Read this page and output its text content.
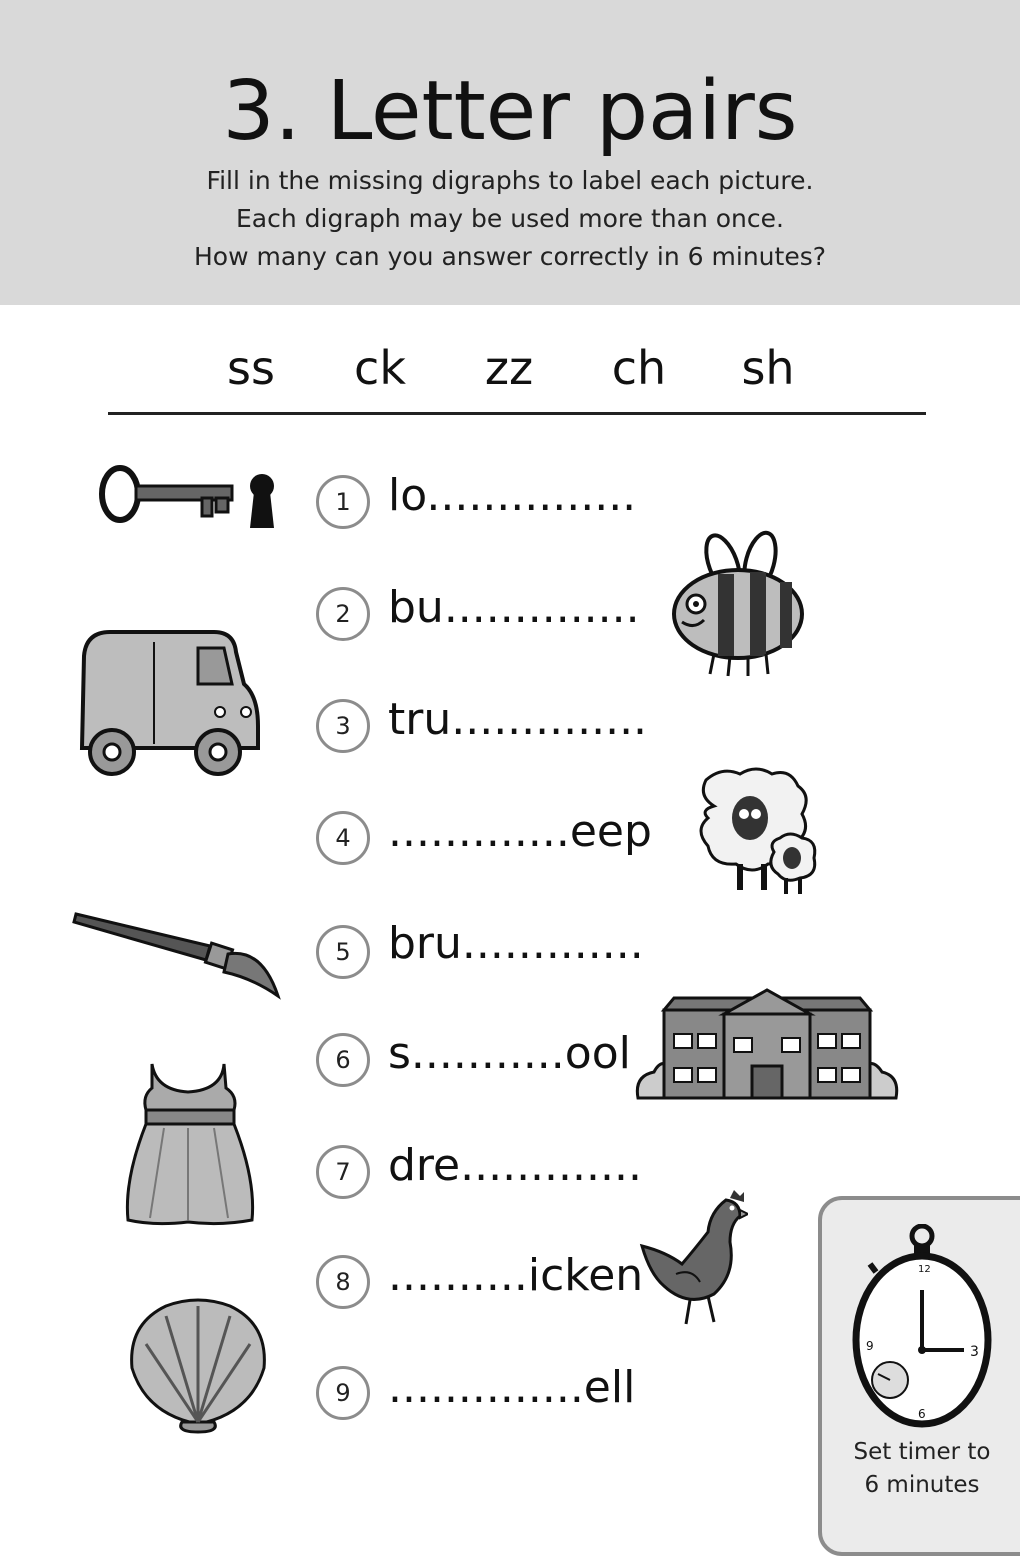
3. Letter pairs
Fill in the missing digraphs to label each picture.
Each digraph may be used more than once.
How many can you answer correctly in 6 minutes?
ss	ck	zz	ch	sh
1 lo...............
2 bu..............
3 tru..............
4 .............eep
5 bru.............
6 s...........ool
7 dre.............
8 ..........icken
9 ..............ell
12
3
6
9
Set timer to
6 minutes
